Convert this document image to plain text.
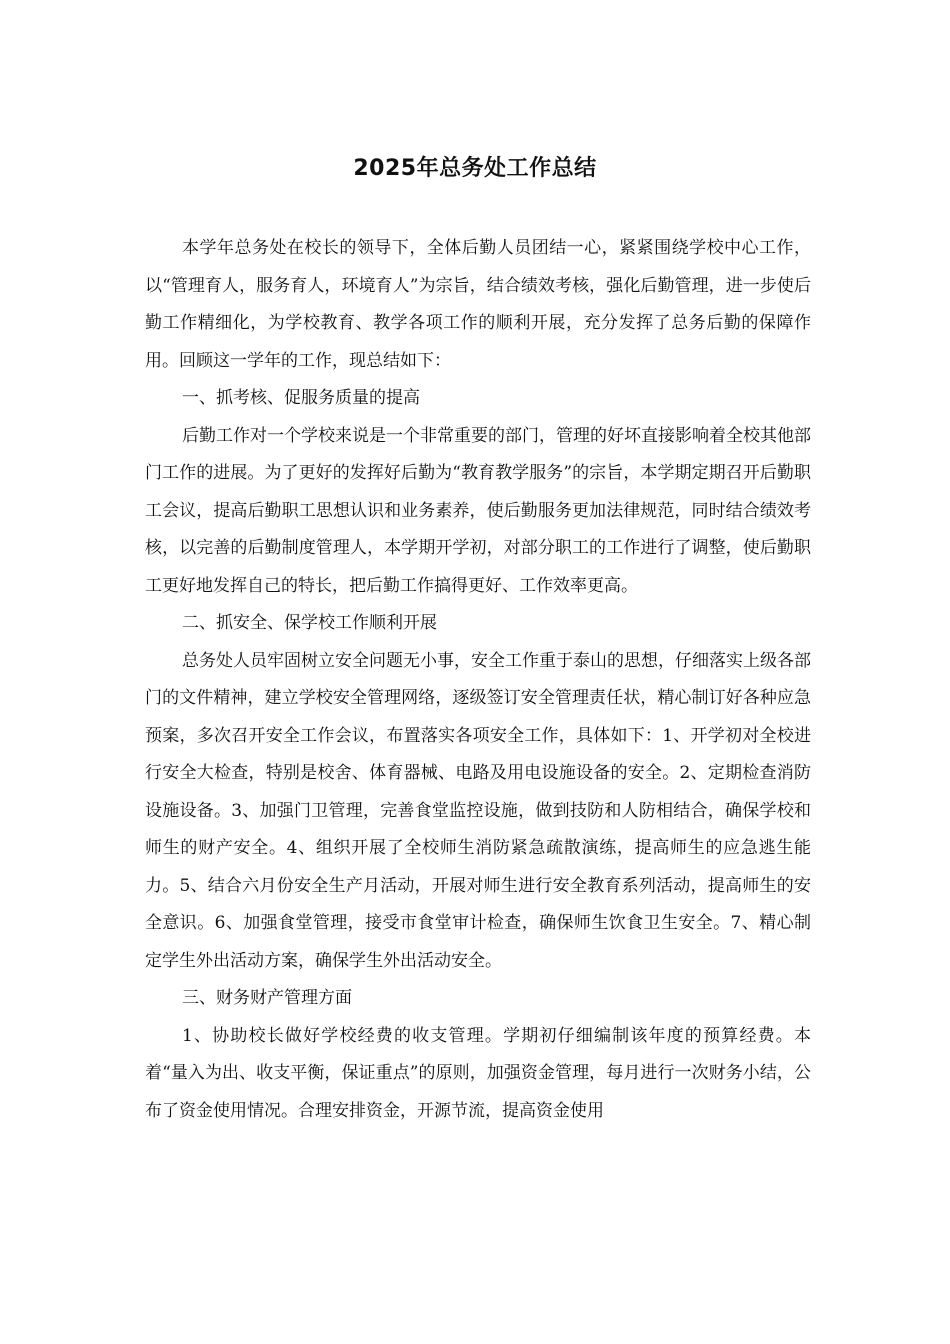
2025年总务处工作总结

本学年总务处在校长的领导下，全体后勤人员团结一心，紧紧围绕学校中心工作，以“管理育人，服务育人，环境育人”为宗旨，结合绩效考核，强化后勤管理，进一步使后勤工作精细化，为学校教育、教学各项工作的顺利开展，充分发挥了总务后勤的保障作用。回顾这一学年的工作，现总结如下：

一、抓考核、促服务质量的提高

后勤工作对一个学校来说是一个非常重要的部门，管理的好坏直接影响着全校其他部门工作的进展。为了更好的发挥好后勤为“教育教学服务”的宗旨，本学期定期召开后勤职工会议，提高后勤职工思想认识和业务素养，使后勤服务更加法律规范，同时结合绩效考核，以完善的后勤制度管理人，本学期开学初，对部分职工的工作进行了调整，使后勤职工更好地发挥自己的特长，把后勤工作搞得更好、工作效率更高。

二、抓安全、保学校工作顺利开展

总务处人员牢固树立安全问题无小事，安全工作重于泰山的思想，仔细落实上级各部门的文件精神，建立学校安全管理网络，逐级签订安全管理责任状，精心制订好各种应急预案，多次召开安全工作会议，布置落实各项安全工作，具体如下：1、开学初对全校进行安全大检查，特别是校舍、体育器械、电路及用电设施设备的安全。2、定期检查消防设施设备。3、加强门卫管理，完善食堂监控设施，做到技防和人防相结合，确保学校和师生的财产安全。4、组织开展了全校师生消防紧急疏散演练，提高师生的应急逃生能力。5、结合六月份安全生产月活动，开展对师生进行安全教育系列活动，提高师生的安全意识。6、加强食堂管理，接受市食堂审计检查，确保师生饮食卫生安全。7、精心制定学生外出活动方案，确保学生外出活动安全。

三、财务财产管理方面

1、协助校长做好学校经费的收支管理。学期初仔细编制该年度的预算经费。本着“量入为出、收支平衡，保证重点”的原则，加强资金管理，每月进行一次财务小结，公布了资金使用情况。合理安排资金，开源节流，提高资金使用
